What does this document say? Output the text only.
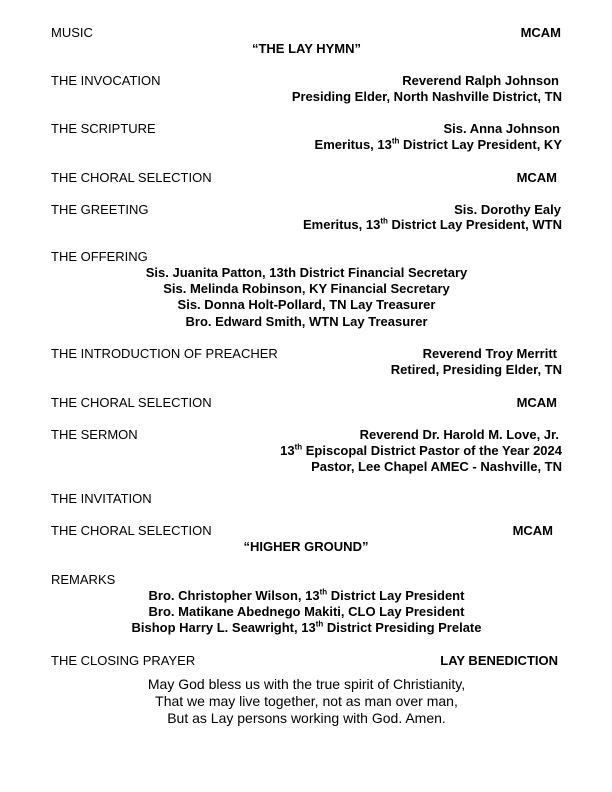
MUSIC	MCAM
“THE LAY HYMN”
THE INVOCATION	Reverend Ralph Johnson
Presiding Elder, North Nashville District, TN
THE SCRIPTURE	Sis. Anna Johnson
Emeritus, 13th District Lay President, KY
THE CHORAL SELECTION	MCAM
THE GREETING	Sis. Dorothy Ealy
Emeritus, 13th District Lay President, WTN
THE OFFERING
Sis. Juanita Patton, 13th District Financial Secretary
Sis. Melinda Robinson, KY Financial Secretary
Sis. Donna Holt-Pollard, TN Lay Treasurer
Bro. Edward Smith, WTN Lay Treasurer
THE INTRODUCTION OF PREACHER	Reverend Troy Merritt
Retired, Presiding Elder, TN
THE CHORAL SELECTION	MCAM
THE SERMON	Reverend Dr. Harold M. Love, Jr.
13th Episcopal District Pastor of the Year 2024
Pastor, Lee Chapel AMEC - Nashville, TN
THE INVITATION
THE CHORAL SELECTION	MCAM
“HIGHER GROUND”
REMARKS
Bro. Christopher Wilson, 13th District Lay President
Bro. Matikane Abednego Makiti, CLO Lay President
Bishop Harry L. Seawright, 13th District Presiding Prelate
THE CLOSING PRAYER	LAY BENEDICTION
May God bless us with the true spirit of Christianity,
That we may live together, not as man over man,
But as Lay persons working with God. Amen.
